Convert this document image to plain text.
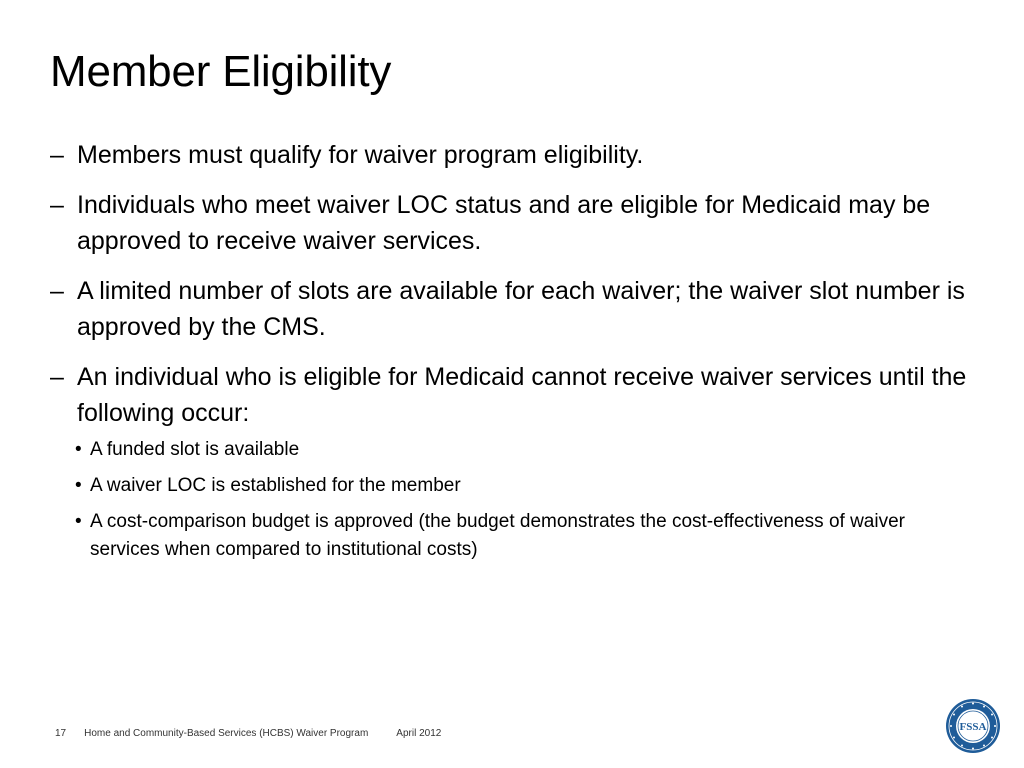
Member Eligibility
– Members must qualify for waiver program eligibility.
– Individuals who meet waiver LOC status and are eligible for Medicaid may be approved to receive waiver services.
– A limited number of slots are available for each waiver; the waiver slot number is approved by the CMS.
– An individual who is eligible for Medicaid cannot receive waiver services until the following occur:
• A funded slot is available
• A waiver LOC is established for the member
• A cost-comparison budget is approved (the budget demonstrates the cost-effectiveness of waiver services when compared to institutional costs)
17 Home and Community-Based Services (HCBS) Waiver Program	April 2012
FSSA
